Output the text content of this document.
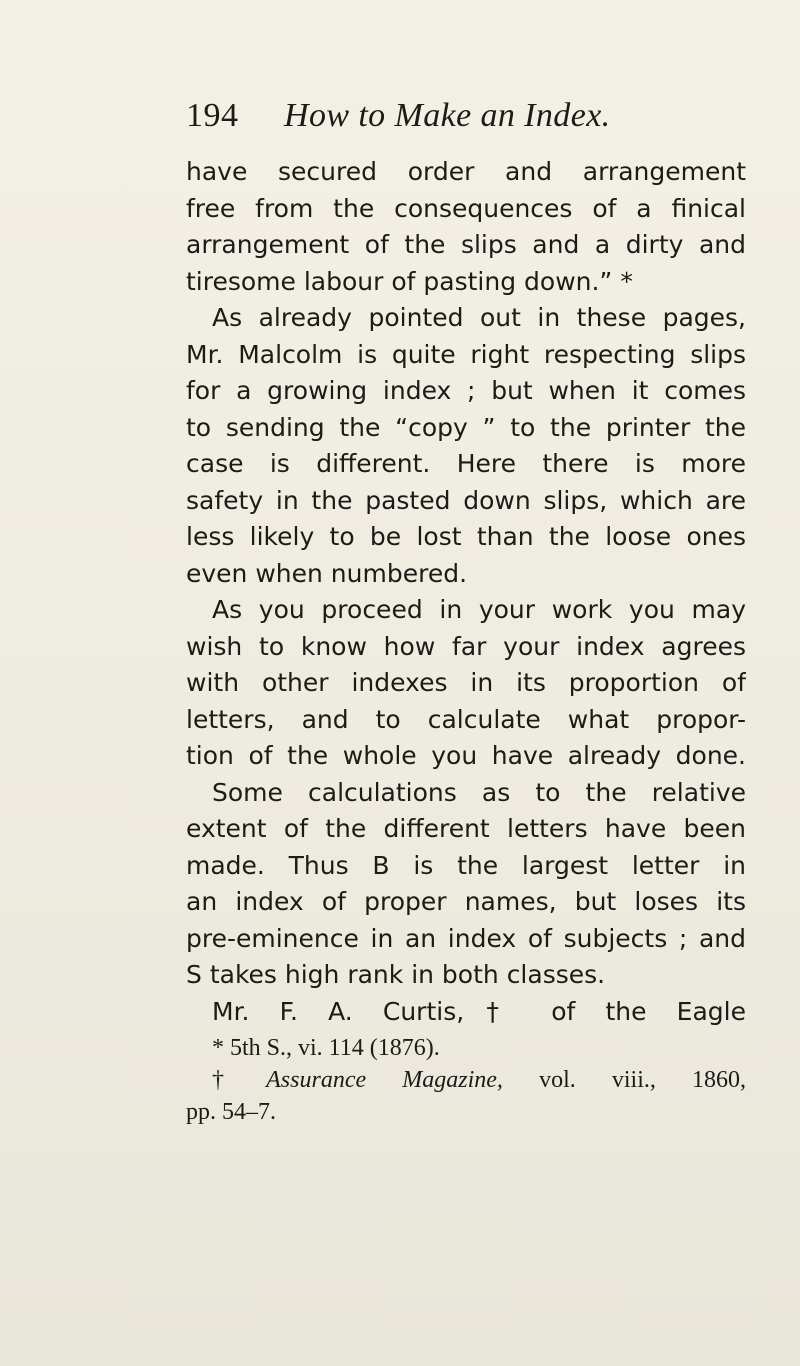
194 How to Make an Index.
have secured order and arrangement
free from the consequences of a finical
arrangement of the slips and a dirty and
tiresome labour of pasting down.” *
As already pointed out in these pages,
Mr. Malcolm is quite right respecting slips
for a growing index ; but when it comes
to sending the “copy ” to the printer the
case is different. Here there is more
safety in the pasted down slips, which are
less likely to be lost than the loose ones
even when numbered.
As you proceed in your work you may
wish to know how far your index agrees
with other indexes in its proportion of
letters, and to calculate what propor-
tion of the whole you have already done.
Some calculations as to the relative
extent of the different letters have been
made. Thus B is the largest letter in
an index of proper names, but loses its
pre-eminence in an index of subjects ; and
S takes high rank in both classes.
Mr. F. A. Curtis,† of the Eagle
* 5th S., vi. 114 (1876).
† Assurance Magazine, vol. viii., 1860,
pp. 54–7.
